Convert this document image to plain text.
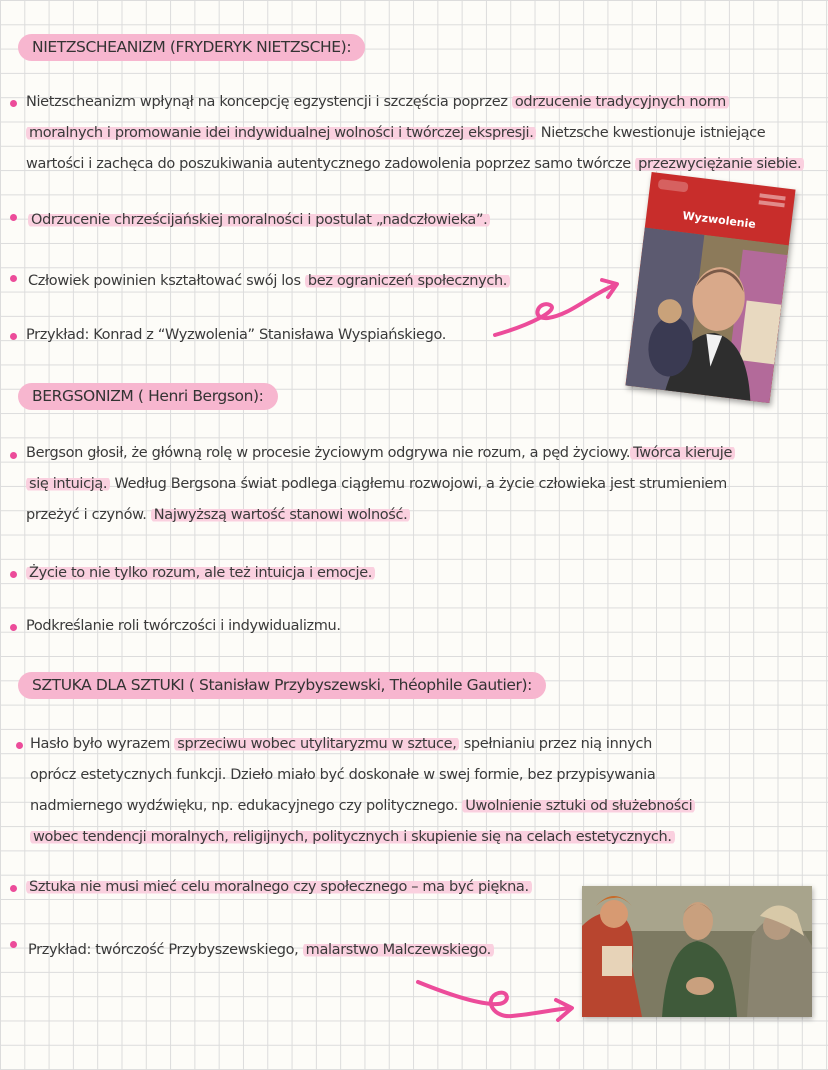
NIETZSCHEANIZM (FRYDERYK NIETZSCHE):
Nietzscheanizm wpłynął na koncepcję egzystencji i szczęścia poprzez odrzucenie tradycyjnych norm
moralnych i promowanie idei indywidualnej wolności i twórczej ekspresji. Nietzsche kwestionuje istniejące
wartości i zachęca do poszukiwania autentycznego zadowolenia poprzez samo twórcze przezwyciężanie siebie.
Odrzucenie chrześcijańskiej moralności i postulat „nadczłowieka”.
Człowiek powinien kształtować swój los bez ograniczeń społecznych.
Przykład: Konrad z “Wyzwolenia” Stanisława Wyspiańskiego.
Wyzwolenie
BERGSONIZM ( Henri Bergson):
Bergson głosił, że główną rolę w procesie życiowym odgrywa nie rozum, a pęd życiowy. Twórca kieruje
się intuicją. Według Bergsona świat podlega ciągłemu rozwojowi, a życie człowieka jest strumieniem
przeżyć i czynów. Najwyższą wartość stanowi wolność.
Życie to nie tylko rozum, ale też intuicja i emocje.
Podkreślanie roli twórczości i indywidualizmu.
SZTUKA DLA SZTUKI ( Stanisław Przybyszewski, Théophile Gautier):
Hasło było wyrazem sprzeciwu wobec utylitaryzmu w sztuce, spełnianiu przez nią innych
oprócz estetycznych funkcji. Dzieło miało być doskonałe w swej formie, bez przypisywania
nadmiernego wydźwięku, np. edukacyjnego czy politycznego. Uwolnienie sztuki od służebności
wobec tendencji moralnych, religijnych, politycznych i skupienie się na celach estetycznych.
Sztuka nie musi mieć celu moralnego czy społecznego – ma być piękna.
Przykład: twórczość Przybyszewskiego, malarstwo Malczewskiego.
